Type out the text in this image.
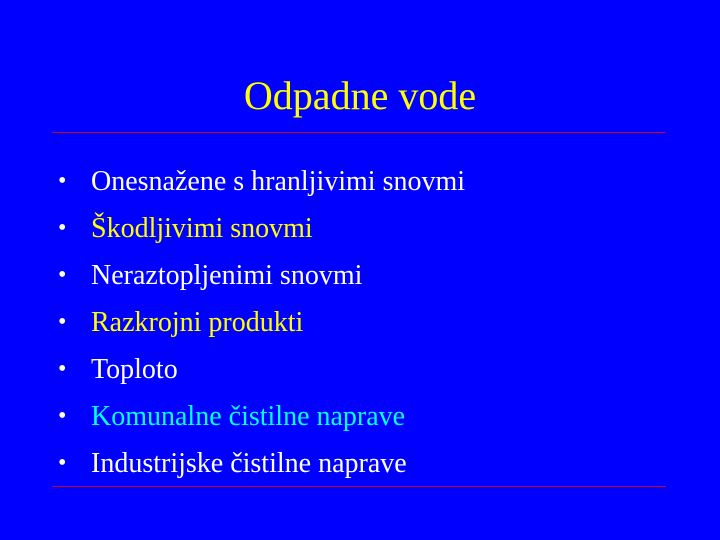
Odpadne vode
• Onesnažene s hranljivimi snovmi
• Škodljivimi snovmi
• Neraztopljenimi snovmi
• Razkrojni produkti
• Toploto
• Komunalne čistilne naprave
• Industrijske čistilne naprave
